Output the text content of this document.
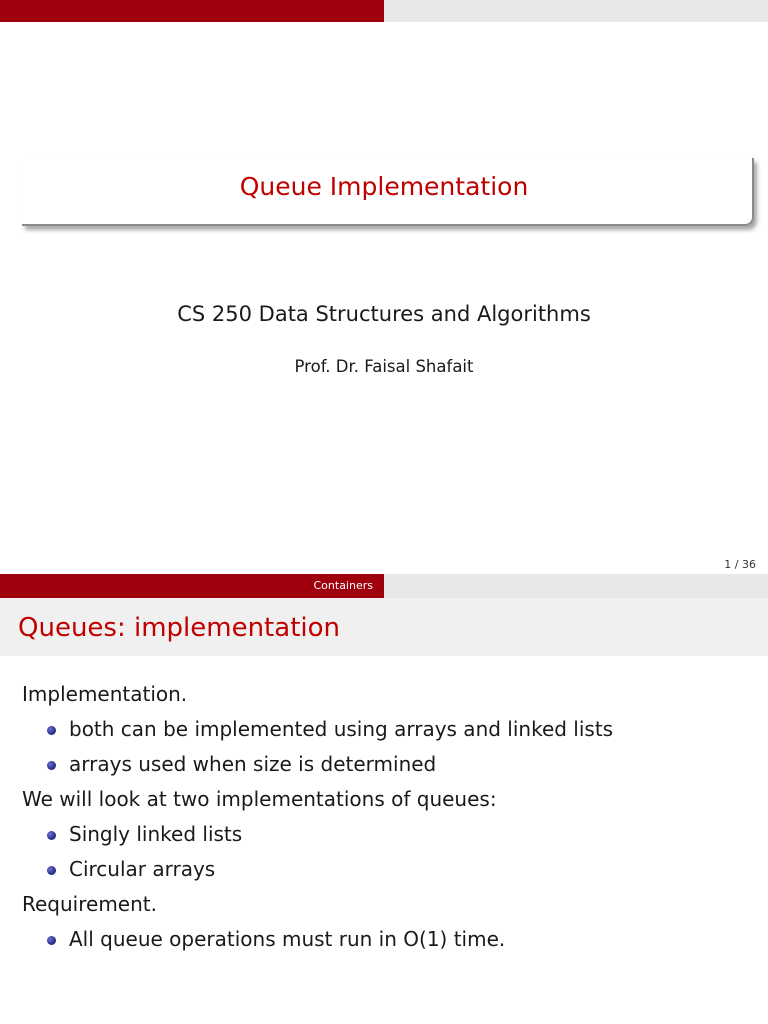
Queue Implementation
CS 250 Data Structures and Algorithms
Prof. Dr. Faisal Shafait
1 / 36
Containers
Queues: implementation
Implementation.
both can be implemented using arrays and linked lists
arrays used when size is determined
We will look at two implementations of queues:
Singly linked lists
Circular arrays
Requirement.
All queue operations must run in O(1) time.
